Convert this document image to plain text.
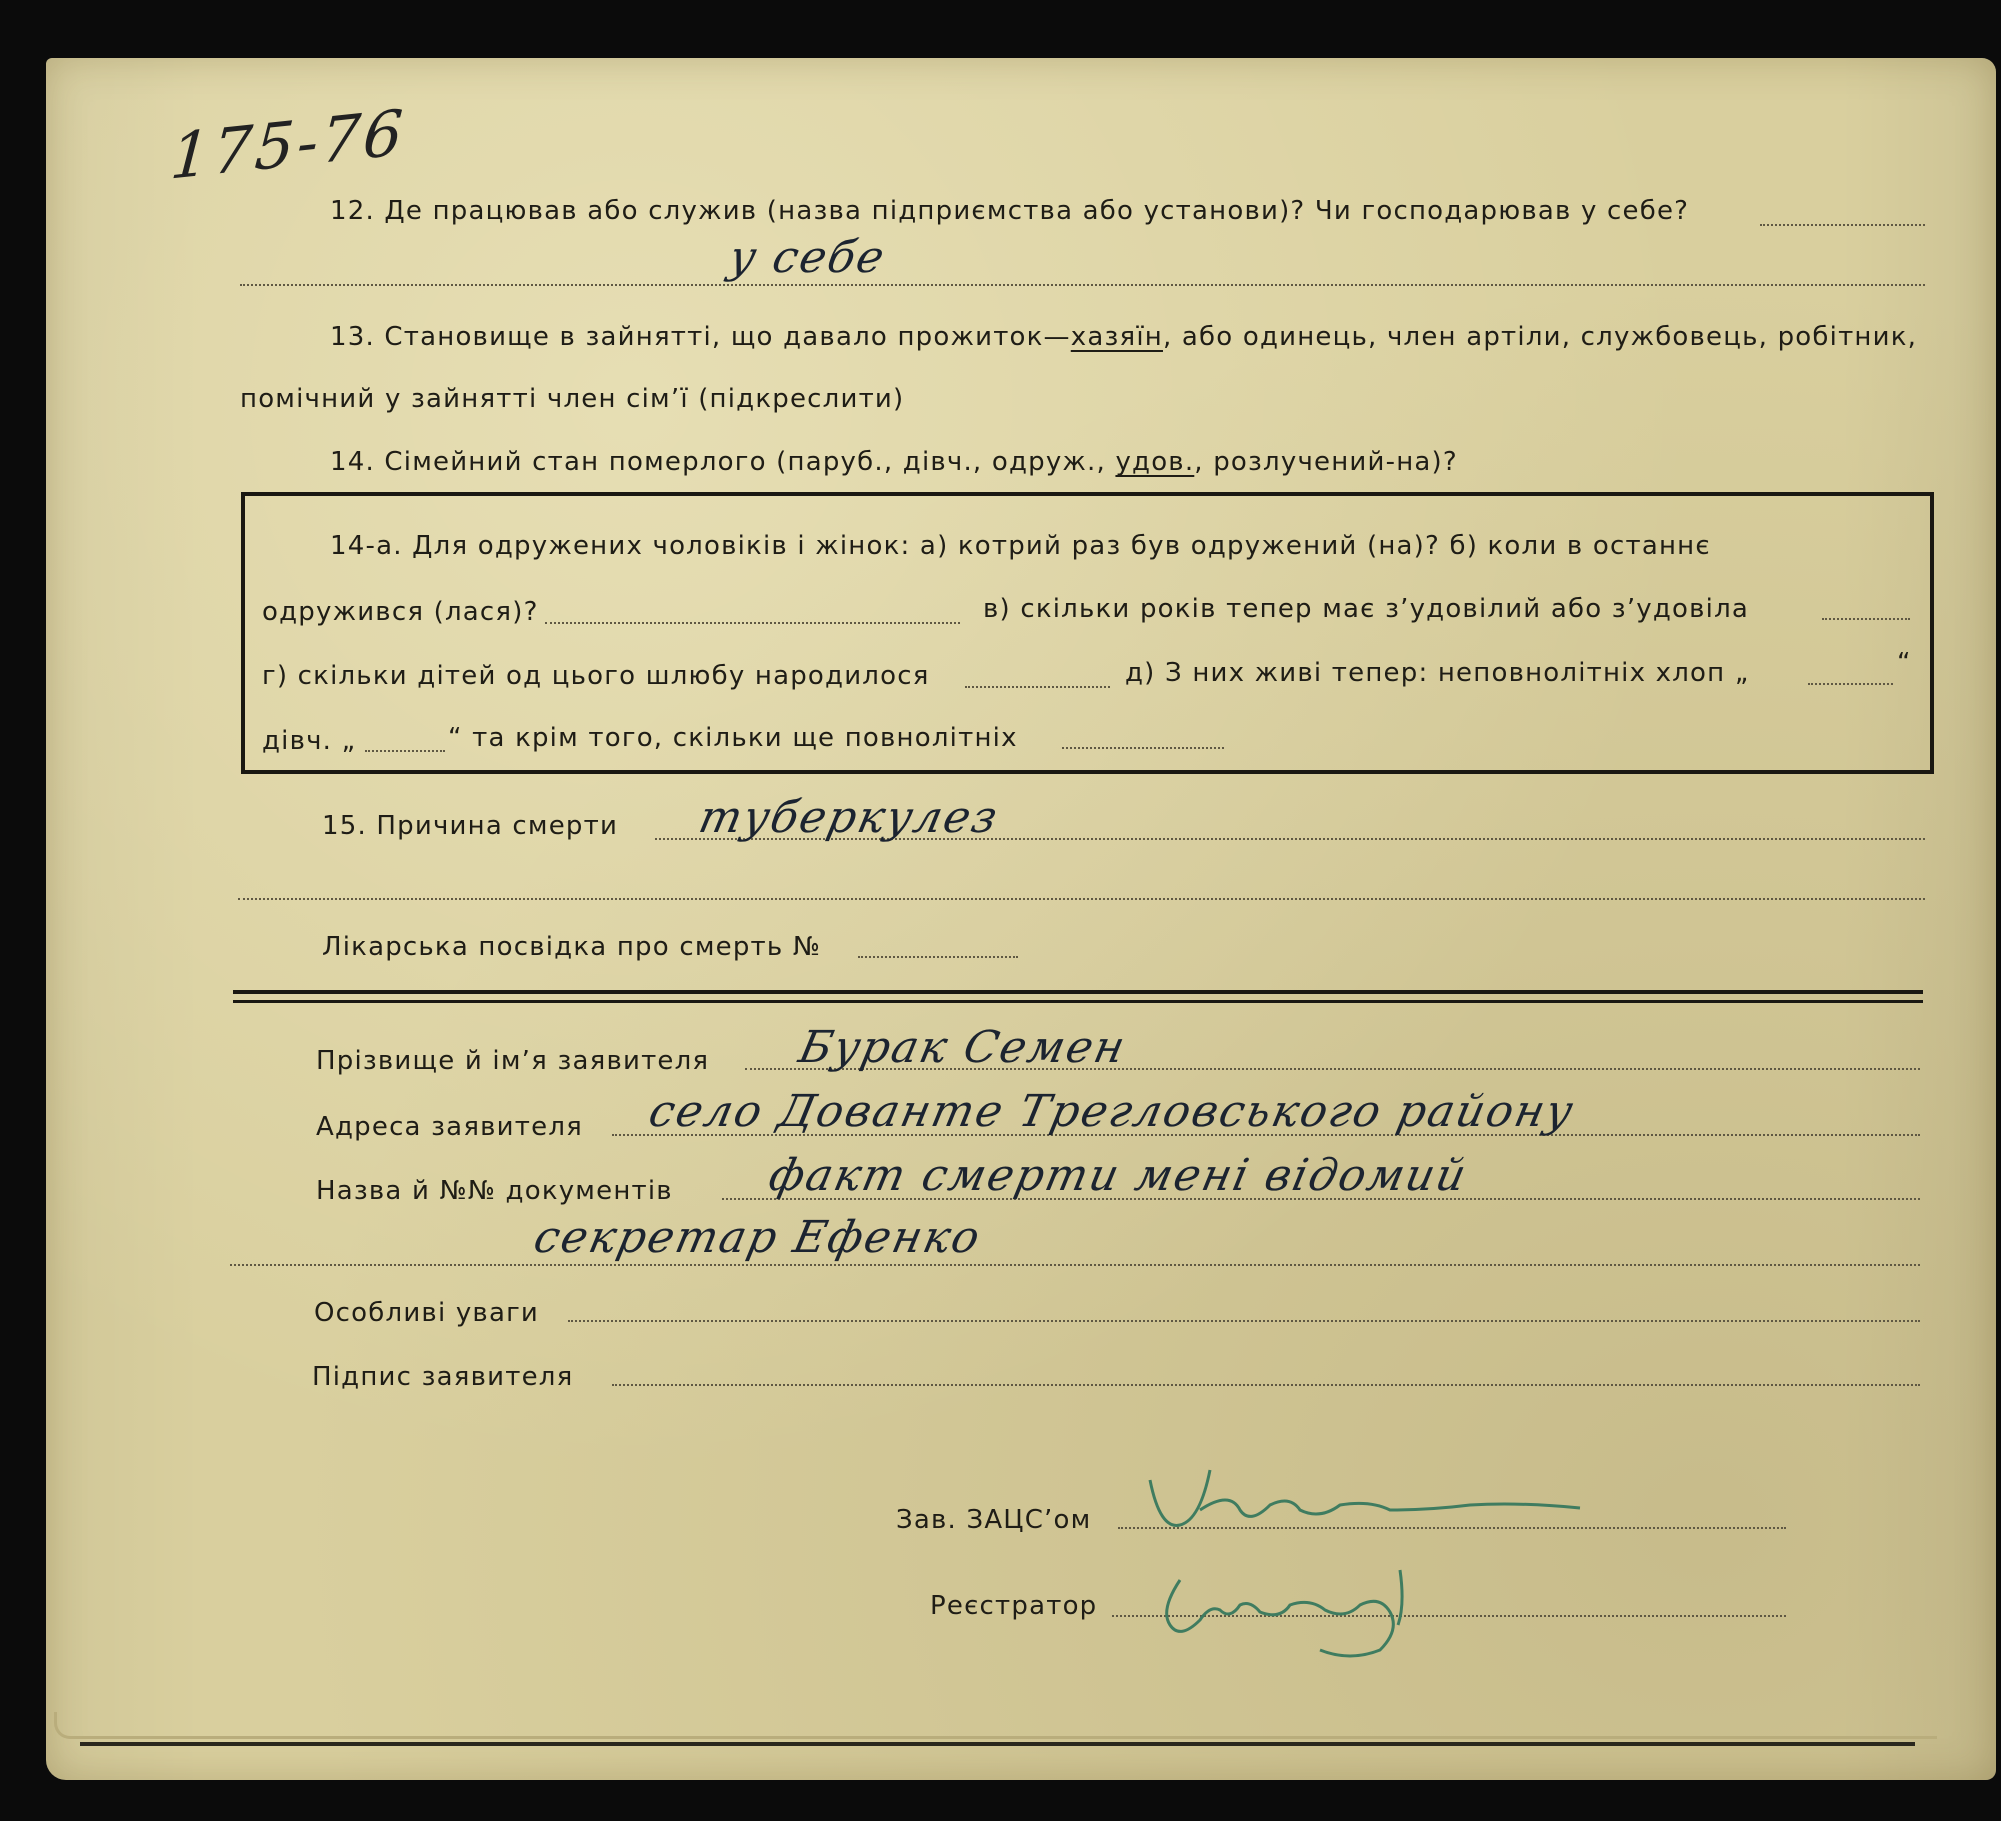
175-76
12. Де працював або служив (назва підприємства або установи)? Чи господарював у себе?
у себе
13. Становище в зайнятті, що давало прожиток—хазяїн, або одинець, член артіли, службовець, робітник,
помічний у зайнятті член сім’ї (підкреслити)
14. Сімейний стан померлого (паруб., дівч., одруж., удов., розлучений-на)?
14-а. Для одружених чоловіків і жінок: а) котрий раз був одружений (на)? б) коли в останнє
одружився (лася)?	в) скільки років тепер має з’удовілий або з’удовіла
г) скільки дітей од цього шлюбу народилося	д) З них живі тепер: неповнолітніх хлоп „	“
дівч. „	“ та крім того, скільки ще повнолітніх
15. Причина смерти туберкулез
Лікарська посвідка про смерть №
Прізвище й ім’я заявителя Бурак Семен
Адреса заявителя село Дованте Трегловського району
Назва й №№ документів факт смерти мені відомий
секретар Ефенко
Особливі уваги
Підпис заявителя
Зав. ЗАЦС’ом
Реєстратор
